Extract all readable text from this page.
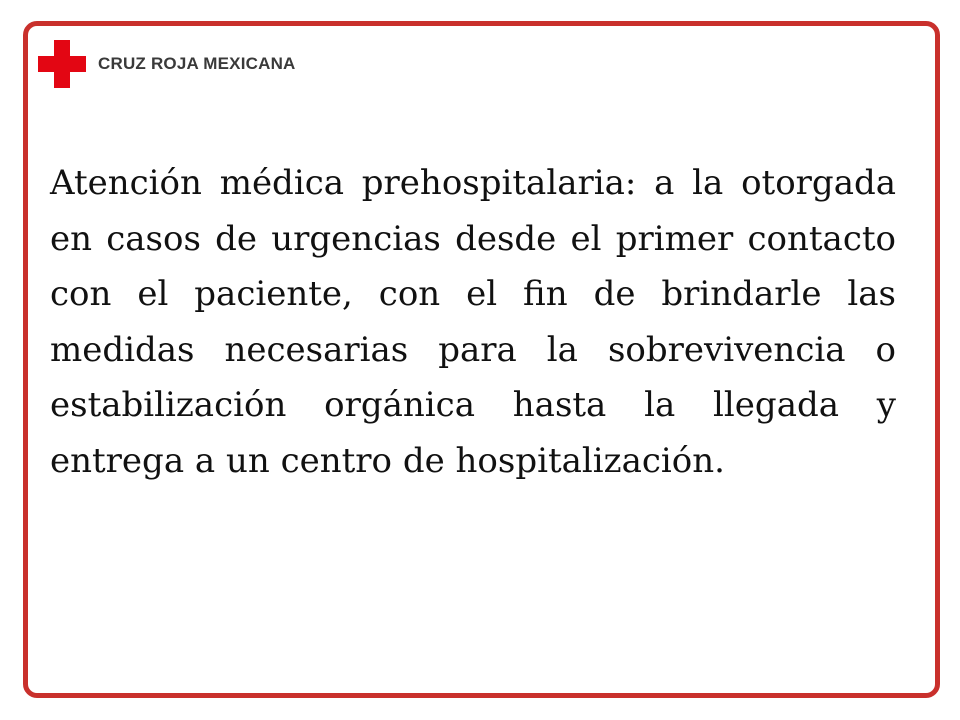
CRUZ ROJA MEXICANA

Atención médica prehospitalaria: a la otorgada en casos de urgencias desde el primer contacto con el paciente, con el fin de brindarle las medidas necesarias para la sobrevivencia o estabilización orgánica hasta la llegada y entrega a un centro de hospitalización.
